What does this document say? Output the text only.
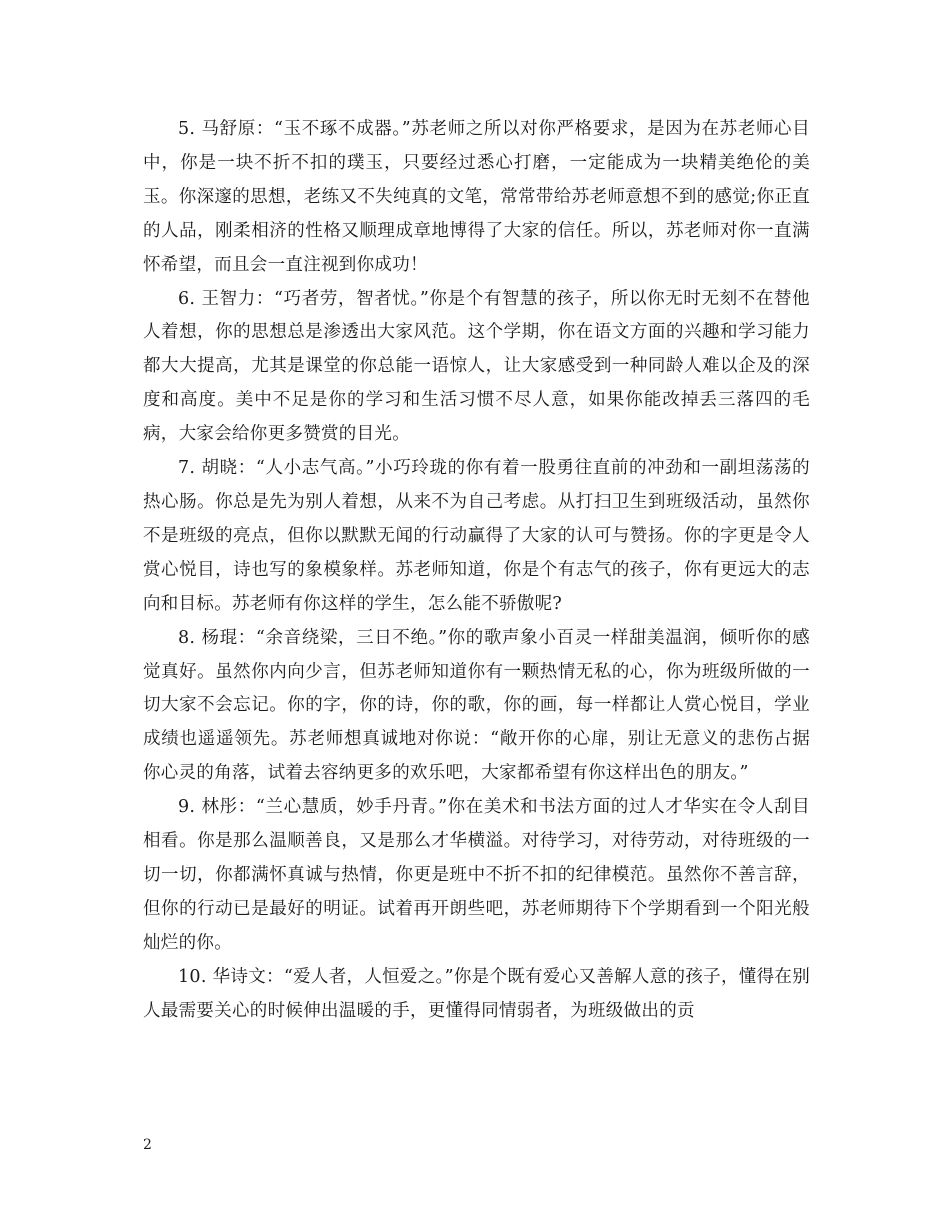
5. 马舒原：“玉不琢不成器。”苏老师之所以对你严格要求，是因为在苏老师心目中，你是一块不折不扣的璞玉，只要经过悉心打磨，一定能成为一块精美绝伦的美玉。你深邃的思想，老练又不失纯真的文笔，常常带给苏老师意想不到的感觉;你正直的人品，刚柔相济的性格又顺理成章地博得了大家的信任。所以，苏老师对你一直满怀希望，而且会一直注视到你成功！

6. 王智力：“巧者劳，智者忧。”你是个有智慧的孩子，所以你无时无刻不在替他人着想，你的思想总是渗透出大家风范。这个学期，你在语文方面的兴趣和学习能力都大大提高，尤其是课堂的你总能一语惊人，让大家感受到一种同龄人难以企及的深度和高度。美中不足是你的学习和生活习惯不尽人意，如果你能改掉丢三落四的毛病，大家会给你更多赞赏的目光。

7. 胡晓：“人小志气高。”小巧玲珑的你有着一股勇往直前的冲劲和一副坦荡荡的热心肠。你总是先为别人着想，从来不为自己考虑。从打扫卫生到班级活动，虽然你不是班级的亮点，但你以默默无闻的行动赢得了大家的认可与赞扬。你的字更是令人赏心悦目，诗也写的象模象样。苏老师知道，你是个有志气的孩子，你有更远大的志向和目标。苏老师有你这样的学生，怎么能不骄傲呢?

8. 杨琨：“余音绕梁，三日不绝。”你的歌声象小百灵一样甜美温润，倾听你的感觉真好。虽然你内向少言，但苏老师知道你有一颗热情无私的心，你为班级所做的一切大家不会忘记。你的字，你的诗，你的歌，你的画，每一样都让人赏心悦目，学业成绩也遥遥领先。苏老师想真诚地对你说：“敞开你的心扉，别让无意义的悲伤占据你心灵的角落，试着去容纳更多的欢乐吧，大家都希望有你这样出色的朋友。”

9. 林彤：“兰心慧质，妙手丹青。”你在美术和书法方面的过人才华实在令人刮目相看。你是那么温顺善良，又是那么才华横溢。对待学习，对待劳动，对待班级的一切一切，你都满怀真诚与热情，你更是班中不折不扣的纪律模范。虽然你不善言辞，但你的行动已是最好的明证。试着再开朗些吧，苏老师期待下个学期看到一个阳光般灿烂的你。

10. 华诗文：“爱人者，人恒爱之。”你是个既有爱心又善解人意的孩子，懂得在别人最需要关心的时候伸出温暖的手，更懂得同情弱者，为班级做出的贡

2
